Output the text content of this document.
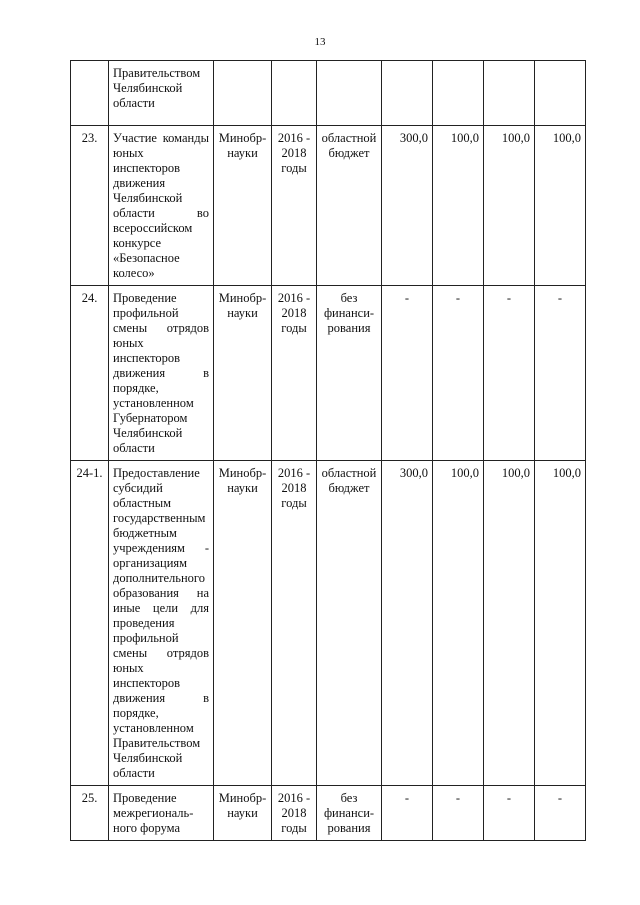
13
	Правительством Челябинской области							
23.	Участие команды юных инспекторов движения Челябинской области во всероссийском конкурсе «Безопасное колесо»	Минобр-науки	2016 - 2018 годы	областной бюджет	300,0	100,0	100,0	100,0
24.	Проведение профильной смены отрядов юных инспекторов движения в порядке, установленном Губернатором Челябинской области	Минобр-науки	2016 - 2018 годы	без финанси-рования	-	-	-	-
24-1.	Предоставление субсидий областным государственным бюджетным учреждениям - организациям дополнительного образования на иные цели для проведения профильной смены отрядов юных инспекторов движения в порядке, установленном Правительством Челябинской области	Минобр-науки	2016 - 2018 годы	областной бюджет	300,0	100,0	100,0	100,0
25.	Проведение межрегиональ-ного форума	Минобр-науки	2016 - 2018 годы	без финанси-рования	-	-	-	-
